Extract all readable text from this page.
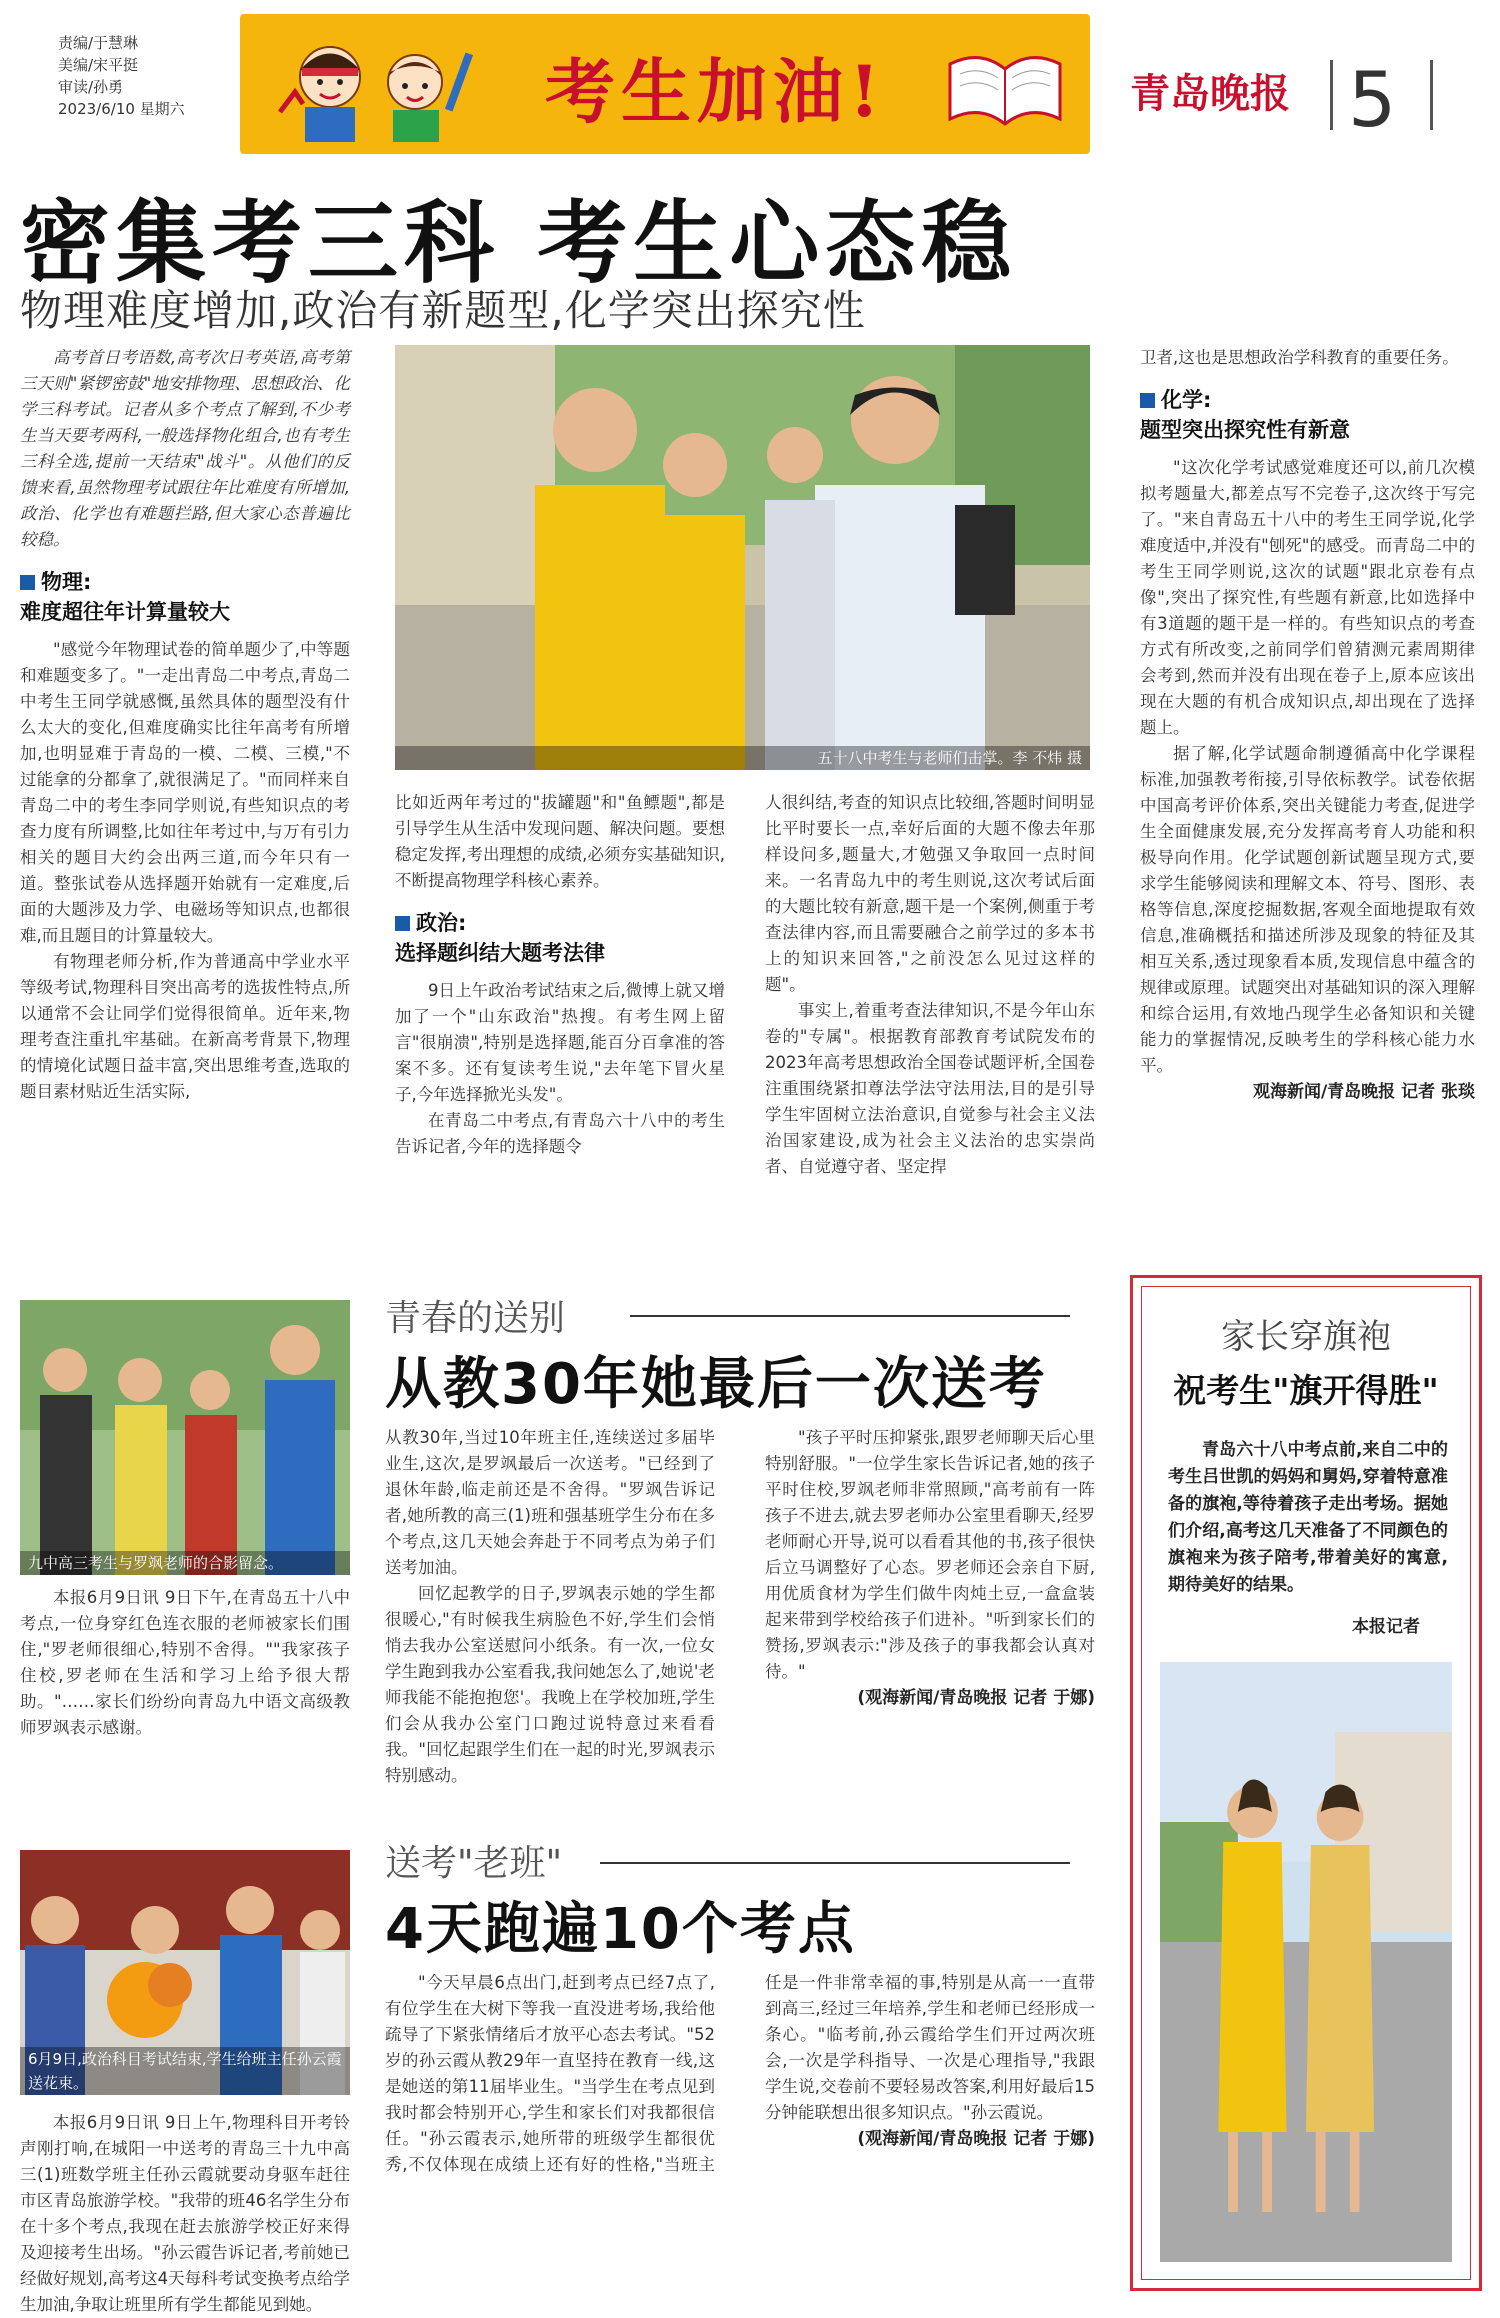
责编/于慧琳
美编/宋平挺
审读/孙勇
2023/6/10 星期六	考生加油!	青岛晚报 5
密集考三科 考生心态稳
物理难度增加,政治有新题型,化学突出探究性

高考首日考语数,高考次日考英语,高考第三天则"紧锣密鼓"地安排物理、思想政治、化学三科考试。记者从多个考点了解到,不少考生当天要考两科,一般选择物化组合,也有考生三科全选,提前一天结束"战斗"。从他们的反馈来看,虽然物理考试跟往年比难度有所增加,政治、化学也有难题拦路,但大家心态普遍比较稳。

物理:
难度超往年计算量较大

"感觉今年物理试卷的简单题少了,中等题和难题变多了。"一走出青岛二中考点,青岛二中考生王同学就感慨,虽然具体的题型没有什么太大的变化,但难度确实比往年高考有所增加,也明显难于青岛的一模、二模、三模,"不过能拿的分都拿了,就很满足了。"而同样来自青岛二中的考生李同学则说,有些知识点的考查力度有所调整,比如往年考过中,与万有引力相关的题目大约会出两三道,而今年只有一道。整张试卷从选择题开始就有一定难度,后面的大题涉及力学、电磁场等知识点,也都很难,而且题目的计算量较大。

有物理老师分析,作为普通高中学业水平等级考试,物理科目突出高考的选拔性特点,所以通常不会让同学们觉得很简单。近年来,物理考查注重扎牢基础。在新高考背景下,物理的情境化试题日益丰富,突出思维考查,选取的题目素材贴近生活实际,

五十八中考生与老师们击掌。李 不炜 摄

比如近两年考过的"拔罐题"和"鱼鳔题",都是引导学生从生活中发现问题、解决问题。要想稳定发挥,考出理想的成绩,必须夯实基础知识,不断提高物理学科核心素养。

政治:
选择题纠结大题考法律

9日上午政治考试结束之后,微博上就又增加了一个"山东政治"热搜。有考生网上留言"很崩溃",特别是选择题,能百分百拿准的答案不多。还有复读考生说,"去年笔下冒火星子,今年选择掀光头发"。

在青岛二中考点,有青岛六十八中的考生告诉记者,今年的选择题令

人很纠结,考查的知识点比较细,答题时间明显比平时要长一点,幸好后面的大题不像去年那样设问多,题量大,才勉强又争取回一点时间来。一名青岛九中的考生则说,这次考试后面的大题比较有新意,题干是一个案例,侧重于考查法律内容,而且需要融合之前学过的多本书上的知识来回答,"之前没怎么见过这样的题"。

事实上,着重考查法律知识,不是今年山东卷的"专属"。根据教育部教育考试院发布的2023年高考思想政治全国卷试题评析,全国卷注重围绕紧扣尊法学法守法用法,目的是引导学生牢固树立法治意识,自觉参与社会主义法治国家建设,成为社会主义法治的忠实崇尚者、自觉遵守者、坚定捍

卫者,这也是思想政治学科教育的重要任务。

化学:
题型突出探究性有新意

"这次化学考试感觉难度还可以,前几次模拟考题量大,都差点写不完卷子,这次终于写完了。"来自青岛五十八中的考生王同学说,化学难度适中,并没有"刨死"的感受。而青岛二中的考生王同学则说,这次的试题"跟北京卷有点像",突出了探究性,有些题有新意,比如选择中有3道题的题干是一样的。有些知识点的考查方式有所改变,之前同学们曾猜测元素周期律会考到,然而并没有出现在卷子上,原本应该出现在大题的有机合成知识点,却出现在了选择题上。

据了解,化学试题命制遵循高中化学课程标准,加强教考衔接,引导依标教学。试卷依据中国高考评价体系,突出关键能力考查,促进学生全面健康发展,充分发挥高考育人功能和积极导向作用。化学试题创新试题呈现方式,要求学生能够阅读和理解文本、符号、图形、表格等信息,深度挖掘数据,客观全面地提取有效信息,准确概括和描述所涉及现象的特征及其相互关系,透过现象看本质,发现信息中蕴含的规律或原理。试题突出对基础知识的深入理解和综合运用,有效地凸现学生必备知识和关键能力的掌握情况,反映考生的学科核心能力水平。

观海新闻/青岛晚报 记者 张琰
九中高三考生与罗飒老师的合影留念。
青春的送别
从教30年她最后一次送考

本报6月9日讯 9日下午,在青岛五十八中考点,一位身穿红色连衣服的老师被家长们围住,"罗老师很细心,特别不舍得。""我家孩子住校,罗老师在生活和学习上给予很大帮助。"……家长们纷纷向青岛九中语文高级教师罗飒表示感谢。

从教30年,当过10年班主任,连续送过多届毕业生,这次,是罗飒最后一次送考。"已经到了退休年龄,临走前还是不舍得。"罗飒告诉记者,她所教的高三(1)班和强基班学生分布在多个考点,这几天她会奔赴于不同考点为弟子们送考加油。

回忆起教学的日子,罗飒表示她的学生都很暖心,"有时候我生病脸色不好,学生们会悄悄去我办公室送慰问小纸条。有一次,一位女学生跑到我办公室看我,我问她怎么了,她说'老师我能不能抱抱您'。我晚上在学校加班,学生们会从我办公室门口跑过说特意过来看看我。"回忆起跟学生们在一起的时光,罗飒表示特别感动。

"孩子平时压抑紧张,跟罗老师聊天后心里特别舒服。"一位学生家长告诉记者,她的孩子平时住校,罗飒老师非常照顾,"高考前有一阵孩子不进去,就去罗老师办公室里看聊天,经罗老师耐心开导,说可以看看其他的书,孩子很快后立马调整好了心态。罗老师还会亲自下厨,用优质食材为学生们做牛肉炖土豆,一盒盒装起来带到学校给孩子们进补。"听到家长们的赞扬,罗飒表示:"涉及孩子的事我都会认真对待。"

(观海新闻/青岛晚报 记者 于娜)
6月9日,政治科目考试结束,学生给班主任孙云霞送花束。
送考"老班"
4天跑遍10个考点

本报6月9日讯 9日上午,物理科目开考铃声刚打响,在城阳一中送考的青岛三十九中高三(1)班数学班主任孙云霞就要动身驱车赶往市区青岛旅游学校。"我带的班46名学生分布在十多个考点,我现在赶去旅游学校正好来得及迎接考生出场。"孙云霞告诉记者,考前她已经做好规划,高考这4天每科考试变换考点给学生加油,争取让班里所有学生都能见到她。

"今天早晨6点出门,赶到考点已经7点了,有位学生在大树下等我一直没进考场,我给他疏导了下紧张情绪后才放平心态去考试。"52岁的孙云霞从教29年一直坚持在教育一线,这是她送的第11届毕业生。"当学生在考点见到我时都会特别开心,学生和家长们对我都很信任。"孙云霞表示,她所带的班级学生都很优秀,不仅体现在成绩上还有好的性格,"当班主任是一件非常幸福的事,特别是从高一一直带到高三,经过三年培养,学生和老师已经形成一条心。"临考前,孙云霞给学生们开过两次班会,一次是学科指导、一次是心理指导,"我跟学生说,交卷前不要轻易改答案,利用好最后15分钟能联想出很多知识点。"孙云霞说。

(观海新闻/青岛晚报 记者 于娜)
家长穿旗袍
祝考生"旗开得胜"
青岛六十八中考点前,来自二中的考生吕世凯的妈妈和舅妈,穿着特意准备的旗袍,等待着孩子走出考场。据她们介绍,高考这几天准备了不同颜色的旗袍来为孩子陪考,带着美好的寓意,期待美好的结果。
本报记者
